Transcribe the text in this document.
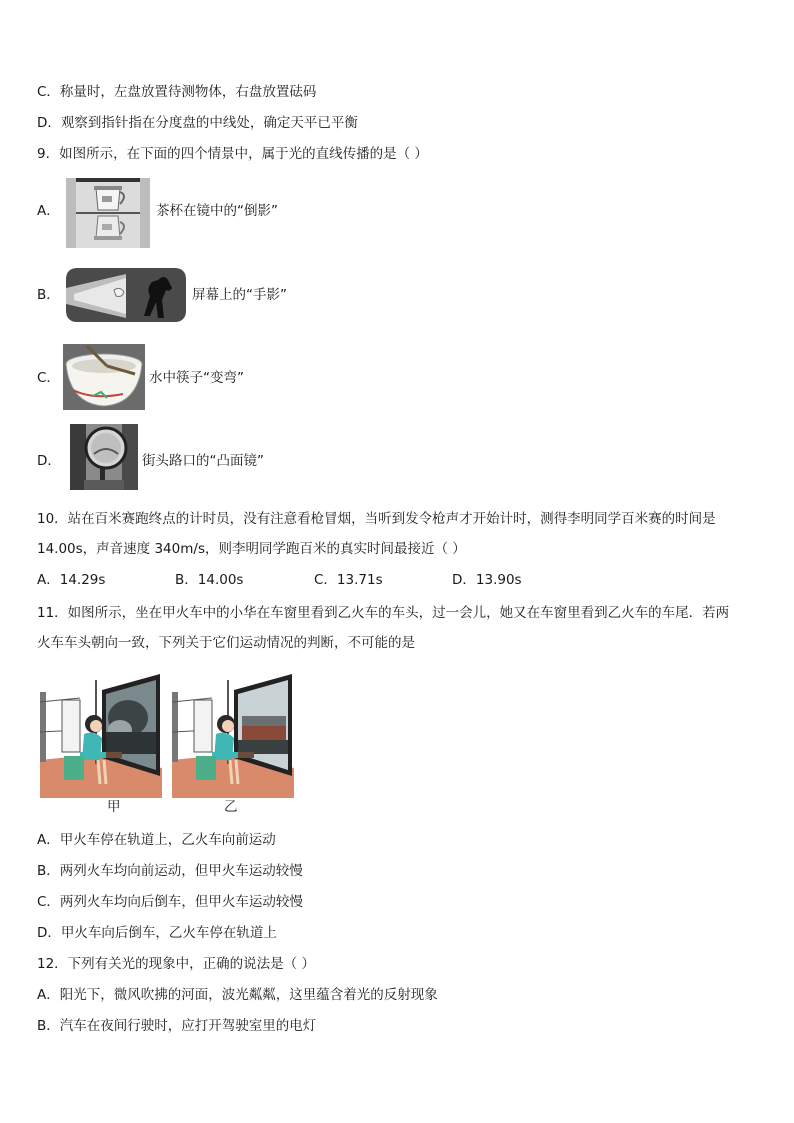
C．称量时，左盘放置待测物体，右盘放置砝码
D．观察到指针指在分度盘的中线处，确定天平已平衡
9．如图所示，在下面的四个情景中，属于光的直线传播的是（ ）
A．	茶杯在镜中的“倒影”
B．	屏幕上的“手影”
C．	水中筷子“变弯”
D．	街头路口的“凸面镜”
10．站在百米赛跑终点的计时员，没有注意看枪冒烟，当听到发令枪声才开始计时，测得李明同学百米赛的时间是
14.00s，声音速度 340m/s，则李明同学跑百米的真实时间最接近（ ）
A．14.29s	B．14.00s	C．13.71s	D．13.90s
11．如图所示，坐在甲火车中的小华在车窗里看到乙火车的车头，过一会儿，她又在车窗里看到乙火车的车尾．若两
火车车头朝向一致，下列关于它们运动情况的判断，不可能的是
甲	乙
A．甲火车停在轨道上，乙火车向前运动
B．两列火车均向前运动，但甲火车运动较慢
C．两列火车均向后倒车，但甲火车运动较慢
D．甲火车向后倒车，乙火车停在轨道上
12．下列有关光的现象中，正确的说法是（ ）
A．阳光下，微风吹拂的河面，波光粼粼，这里蕴含着光的反射现象
B．汽车在夜间行驶时，应打开驾驶室里的电灯
